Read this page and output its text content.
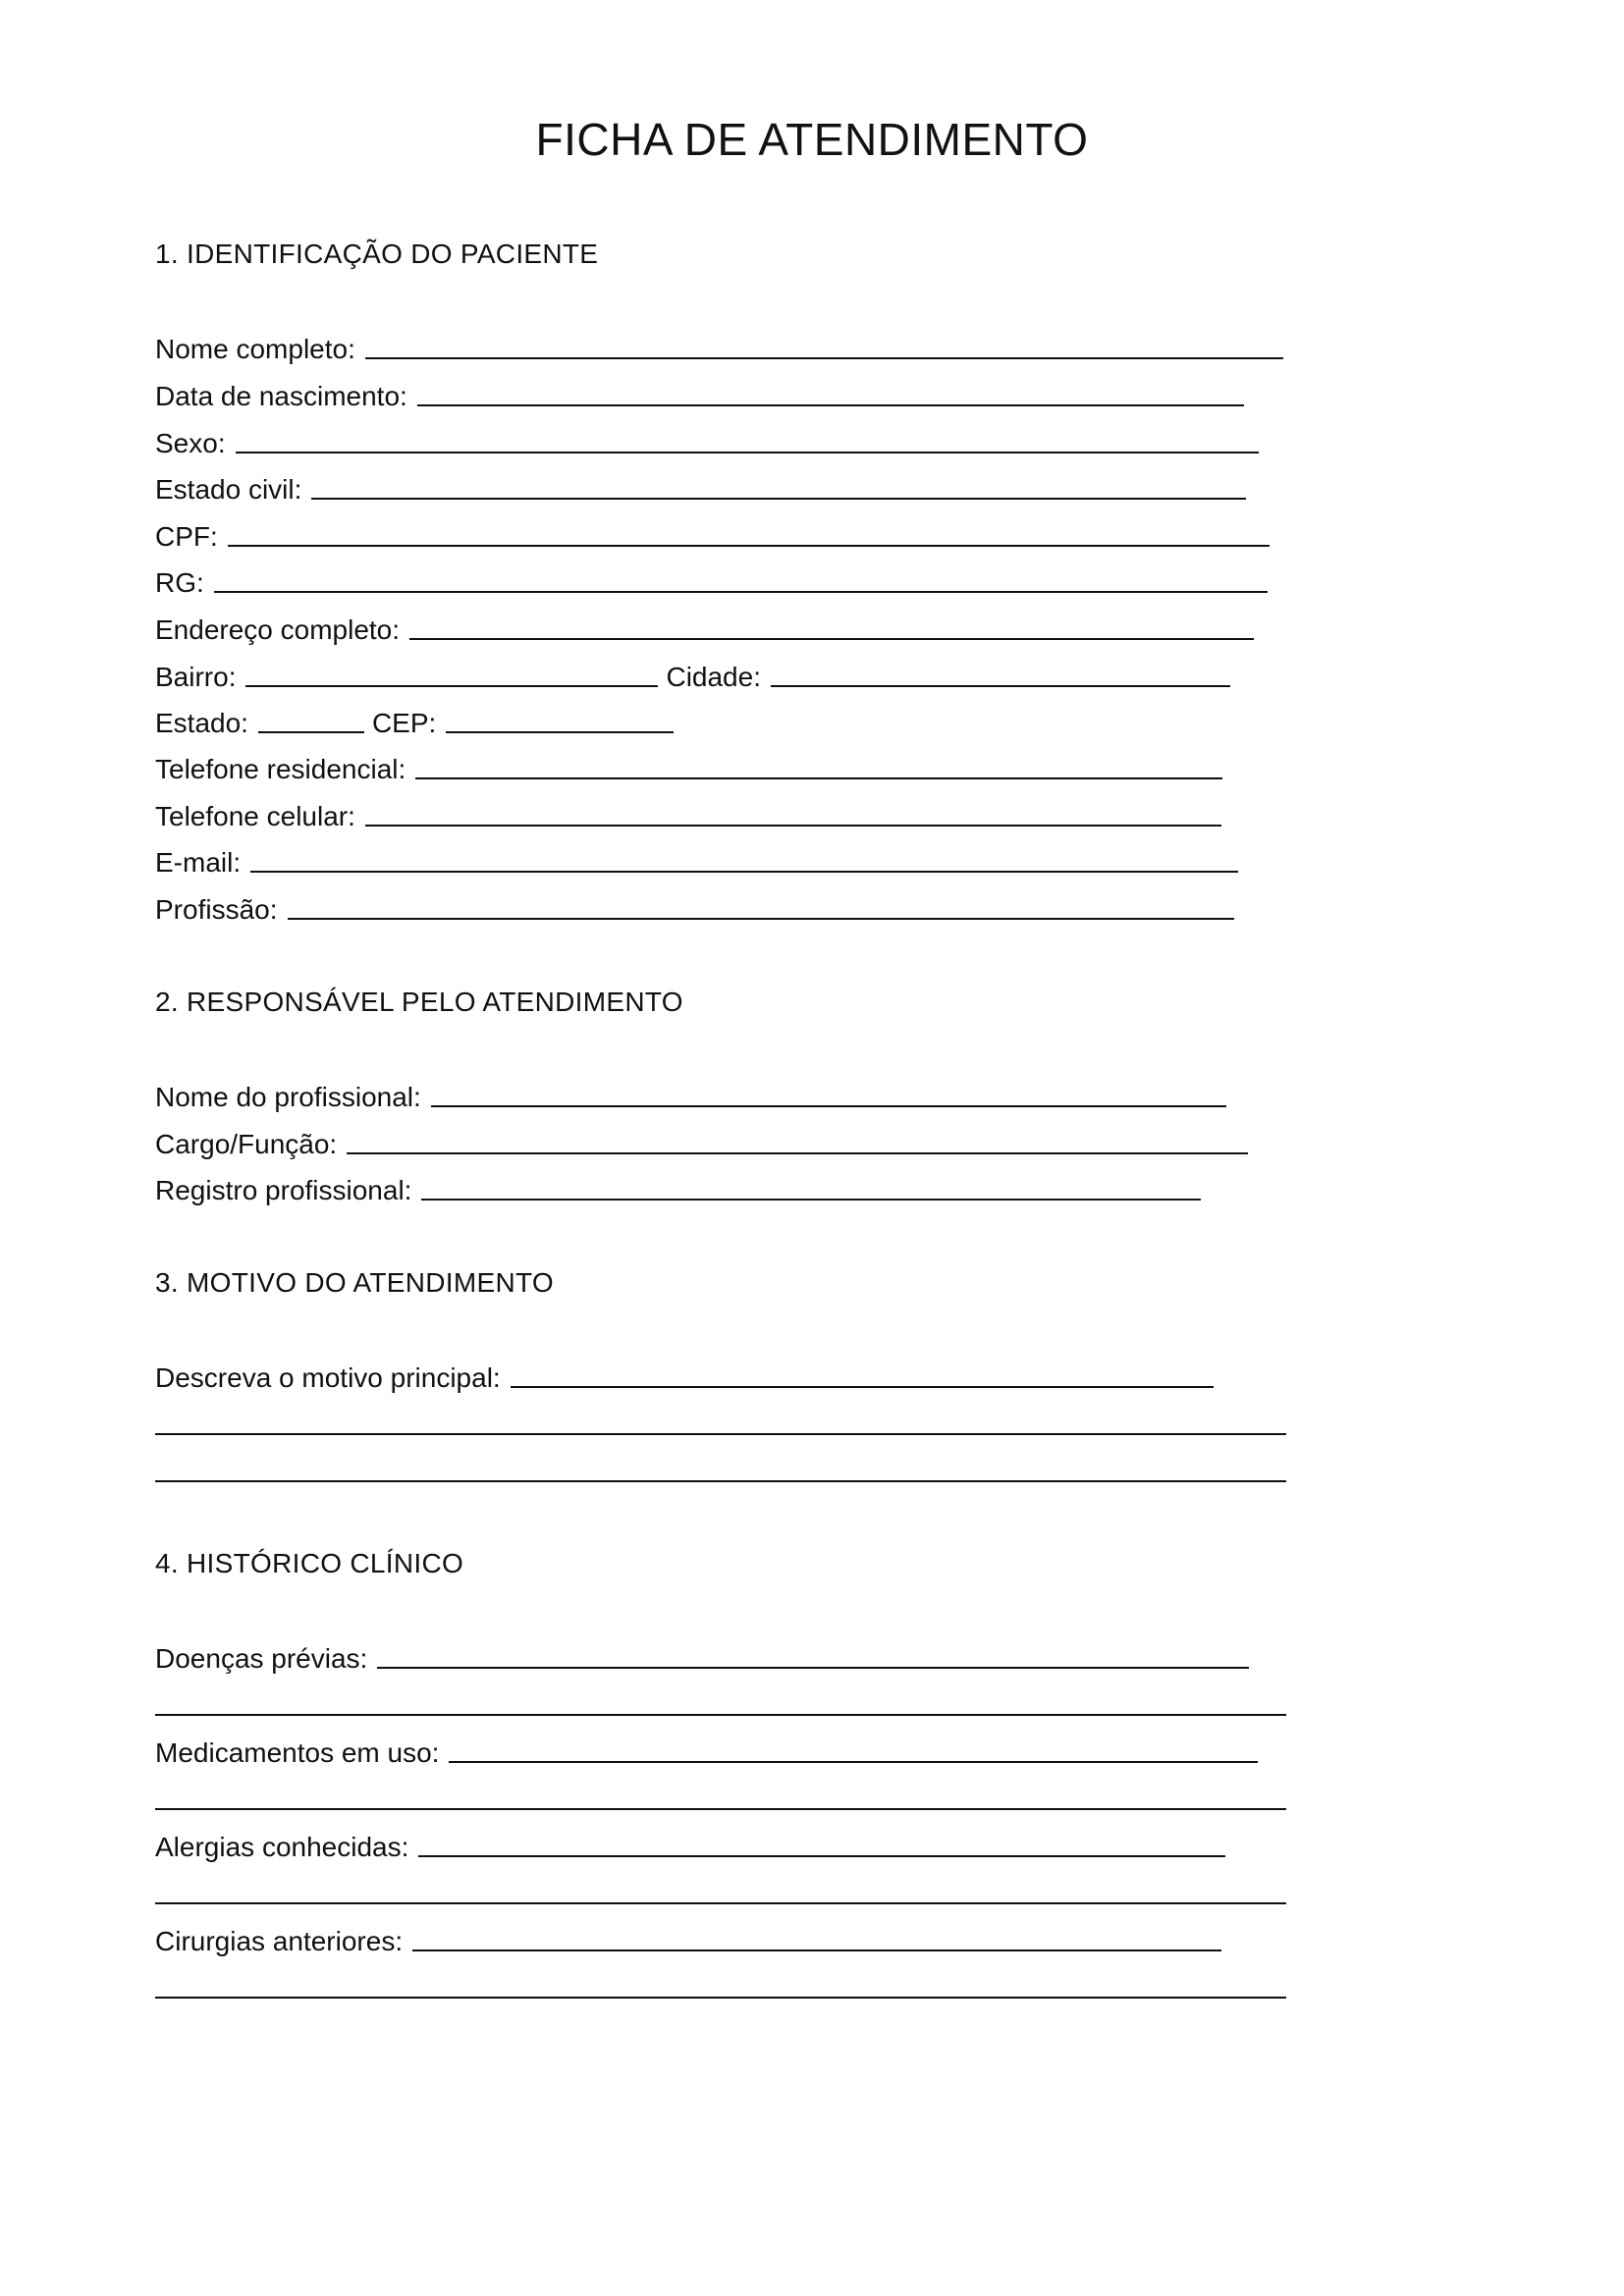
FICHA DE ATENDIMENTO
1. IDENTIFICAÇÃO DO PACIENTE
Nome completo:
Data de nascimento:
Sexo:
Estado civil:
CPF:
RG:
Endereço completo:
Bairro:	Cidade:
Estado:	CEP:
Telefone residencial:
Telefone celular:
E-mail:
Profissão:
2. RESPONSÁVEL PELO ATENDIMENTO
Nome do profissional:
Cargo/Função:
Registro profissional:
3. MOTIVO DO ATENDIMENTO
Descreva o motivo principal:
4. HISTÓRICO CLÍNICO
Doenças prévias:
Medicamentos em uso:
Alergias conhecidas:
Cirurgias anteriores:
